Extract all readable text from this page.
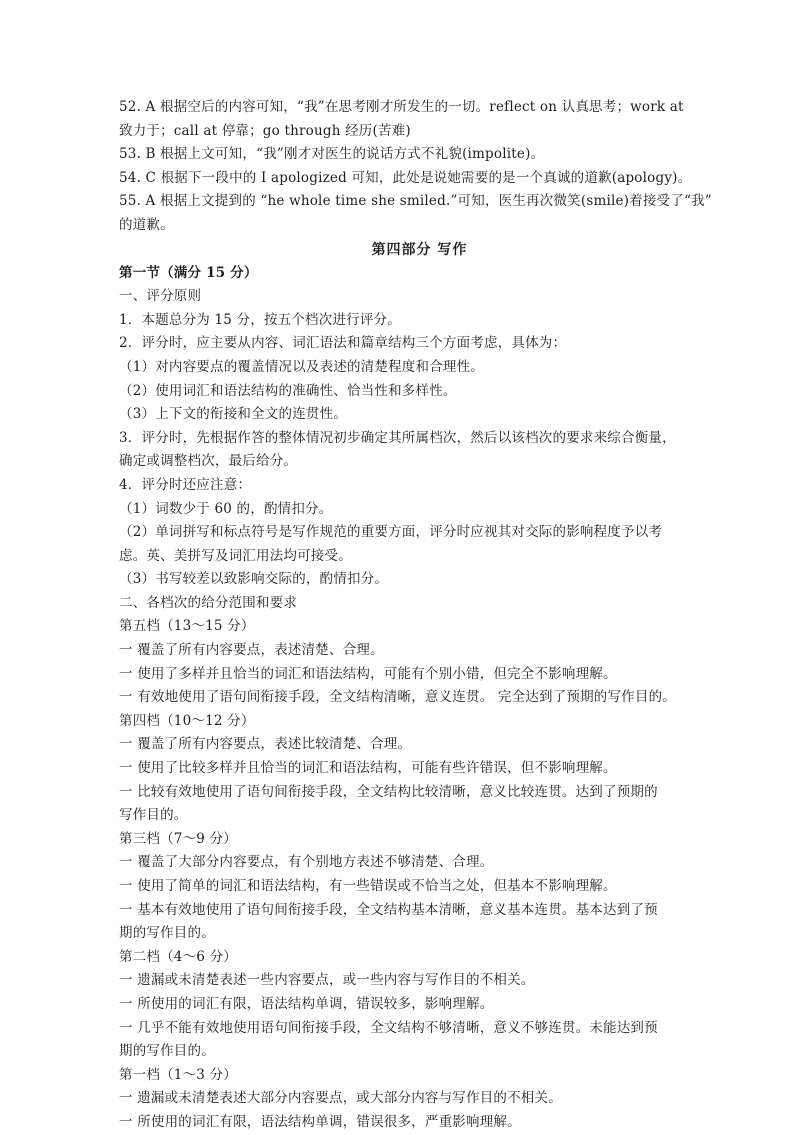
52. A 根据空后的内容可知，“我”在思考刚才所发生的一切。reflect on 认真思考；work at
致力于；call at 停靠；go through 经历(苦难)
53. B 根据上文可知，“我”刚才对医生的说话方式不礼貌(impolite)。
54. C 根据下一段中的 I apologized 可知，此处是说她需要的是一个真诚的道歉(apology)。
55. A 根据上文提到的 “he whole time she smiled.”可知，医生再次微笑(smile)着接受了“我”
的道歉。
第四部分 写作
第一节（满分 15 分）
一、评分原则
1．本题总分为 15 分，按五个档次进行评分。
2．评分时，应主要从内容、词汇语法和篇章结构三个方面考虑，具体为：
（1）对内容要点的覆盖情况以及表述的清楚程度和合理性。
（2）使用词汇和语法结构的准确性、恰当性和多样性。
（3）上下文的衔接和全文的连贯性。
3．评分时，先根据作答的整体情况初步确定其所属档次，然后以该档次的要求来综合衡量，
确定或调整档次，最后给分。
4．评分时还应注意：
（1）词数少于 60 的，酌情扣分。
（2）单词拼写和标点符号是写作规范的重要方面，评分时应视其对交际的影响程度予以考
虑。英、美拼写及词汇用法均可接受。
（3）书写较差以致影响交际的，酌情扣分。
二、各档次的给分范围和要求
第五档（13～15 分）
一 覆盖了所有内容要点，表述清楚、合理。
一 使用了多样并且恰当的词汇和语法结构，可能有个别小错，但完全不影响理解。
一 有效地使用了语句间衔接手段，全文结构清晰，意义连贯。 完全达到了预期的写作目的。
第四档（10～12 分）
一 覆盖了所有内容要点，表述比较清楚、合理。
一 使用了比较多样并且恰当的词汇和语法结构，可能有些许错误，但不影响理解。
一 比较有效地使用了语句间衔接手段，全文结构比较清晰，意义比较连贯。达到了预期的
写作目的。
第三档（7～9 分）
一 覆盖了大部分内容要点，有个别地方表述不够清楚、合理。
一 使用了简单的词汇和语法结构，有一些错误或不恰当之处，但基本不影响理解。
一 基本有效地使用了语句间衔接手段，全文结构基本清晰，意义基本连贯。基本达到了预
期的写作目的。
第二档（4～6 分）
一 遗漏或未清楚表述一些内容要点，或一些内容与写作目的不相关。
一 所使用的词汇有限，语法结构单调，错误较多，影响理解。
一 几乎不能有效地使用语句间衔接手段，全文结构不够清晰，意义不够连贯。未能达到预
期的写作目的。
第一档（1～3 分）
一 遗漏或未清楚表述大部分内容要点，或大部分内容与写作目的不相关。
一 所使用的词汇有限，语法结构单调，错误很多，严重影响理解。
